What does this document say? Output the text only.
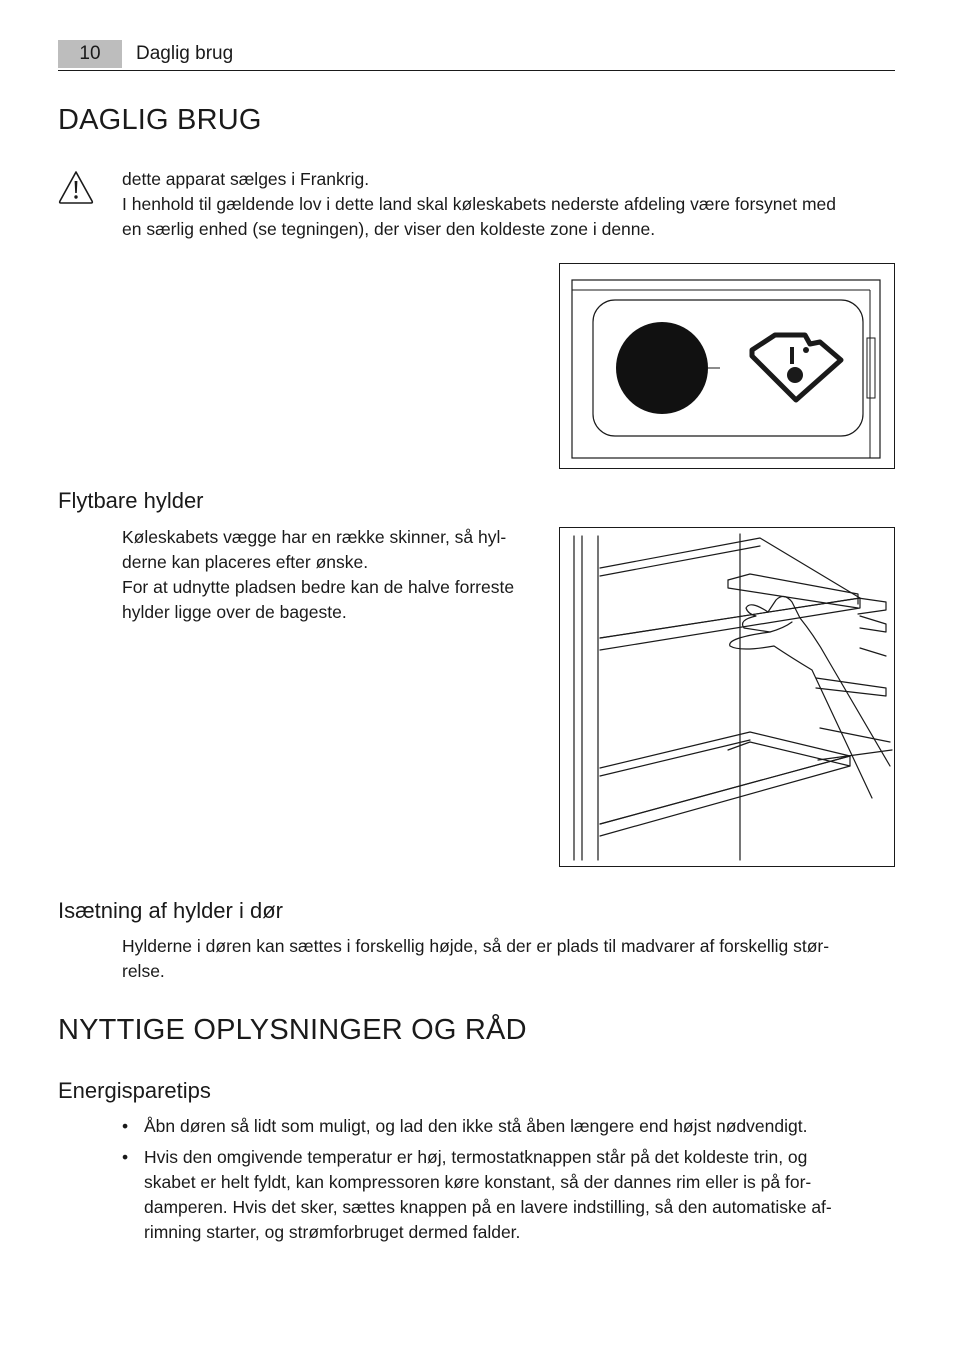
10	Daglig brug
DAGLIG BRUG

dette apparat sælges i Frankrig.

I henhold til gældende lov i dette land skal køleskabets nederste afdeling være forsynet med

en særlig enhed (se tegningen), der viser den koldeste zone i denne.

Flytbare hylder

Køleskabets vægge har en række skinner, så hyl-

derne kan placeres efter ønske.

For at udnytte pladsen bedre kan de halve forreste

hylder ligge over de bageste.

Isætning af hylder i dør

Hylderne i døren kan sættes i forskellig højde, så der er plads til madvarer af forskellig stør-

relse.

NYTTIGE OPLYSNINGER OG RÅD
Energisparetips
• Åbn døren så lidt som muligt, og lad den ikke stå åben længere end højst nødvendigt.
• Hvis den omgivende temperatur er høj, termostatknappen står på det koldeste trin, og
skabet er helt fyldt, kan kompressoren køre konstant, så der dannes rim eller is på for-
damperen. Hvis det sker, sættes knappen på en lavere indstilling, så den automatiske af-
rimning starter, og strømforbruget dermed falder.
